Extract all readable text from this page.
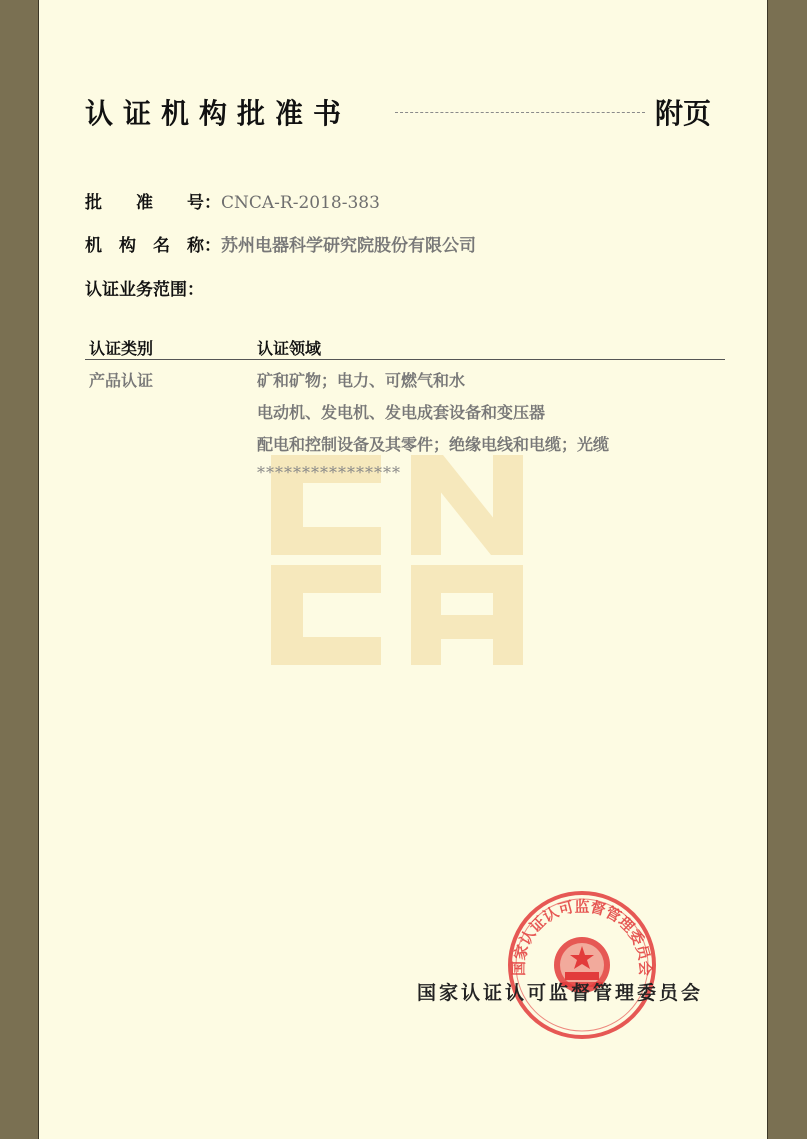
认证机构批准书	附页
批　　准　　号：CNCA-R-2018-383
机　构　名　称：苏州电器科学研究院股份有限公司
认证业务范围：
认证类别	认证领域
产品认证	矿和矿物；电力、可燃气和水
电动机、发电机、发电成套设备和变压器
配电和控制设备及其零件；绝缘电线和电缆；光缆
****************
国家认证认可监督管理委员会
国家认证认可监督管理委员会
